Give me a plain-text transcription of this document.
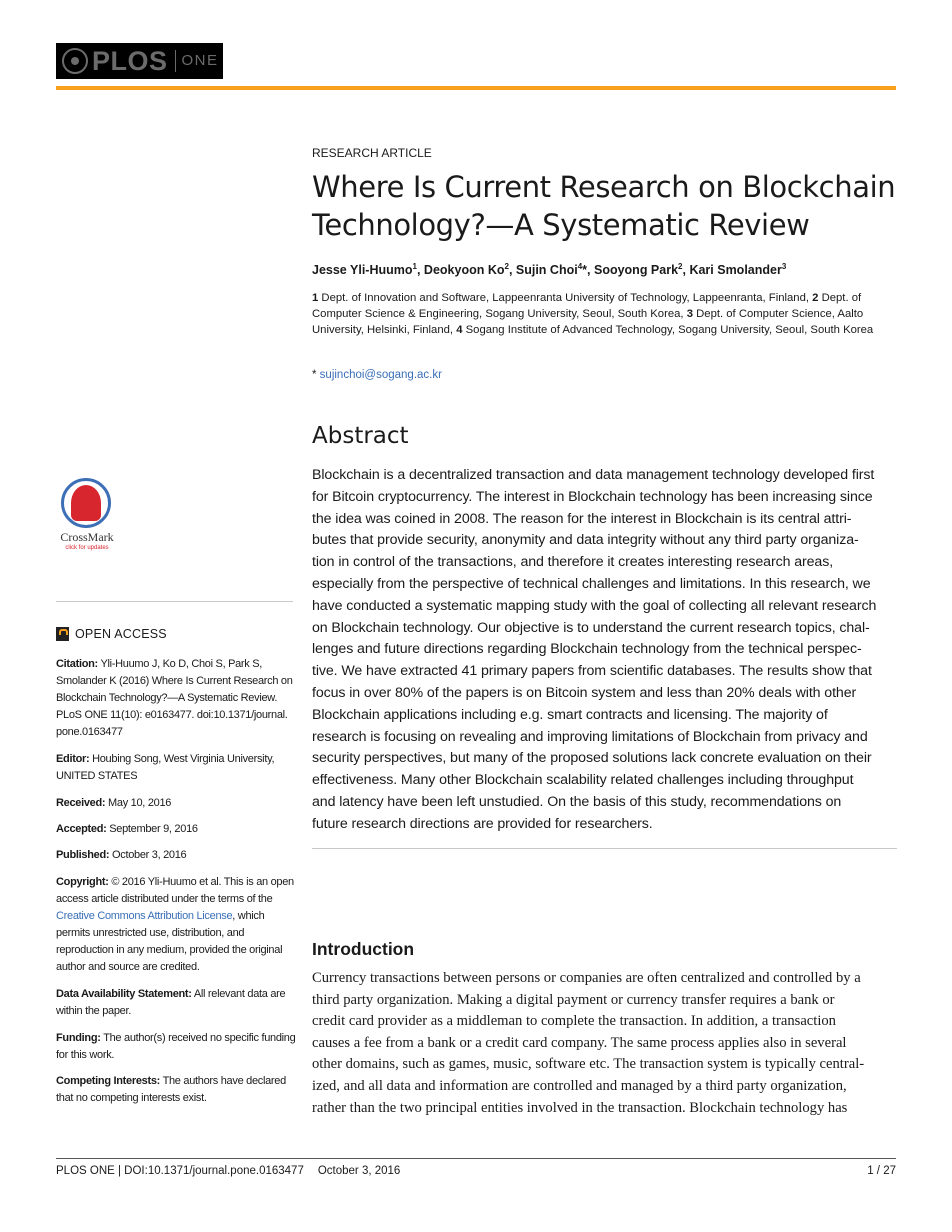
PLOS ONE
RESEARCH ARTICLE
Where Is Current Research on Blockchain
Technology?—A Systematic Review
Jesse Yli-Huumo$^1$, Deokyoon Ko$^2$, Sujin Choi$^4$*, Sooyong Park$^2$, Kari Smolander$^3$
1 Dept. of Innovation and Software, Lappeenranta University of Technology, Lappeenranta, Finland, 2 Dept. of Computer Science & Engineering, Sogang University, Seoul, South Korea, 3 Dept. of Computer Science, Aalto University, Helsinki, Finland, 4 Sogang Institute of Advanced Technology, Sogang University, Seoul, South Korea
* sujinchoi@sogang.ac.kr
Abstract
Blockchain is a decentralized transaction and data management technology developed first
for Bitcoin cryptocurrency. The interest in Blockchain technology has been increasing since
the idea was coined in 2008. The reason for the interest in Blockchain is its central attri-
butes that provide security, anonymity and data integrity without any third party organiza-
tion in control of the transactions, and therefore it creates interesting research areas,
especially from the perspective of technical challenges and limitations. In this research, we
have conducted a systematic mapping study with the goal of collecting all relevant research
on Blockchain technology. Our objective is to understand the current research topics, chal-
lenges and future directions regarding Blockchain technology from the technical perspec-
tive. We have extracted 41 primary papers from scientific databases. The results show that
focus in over 80% of the papers is on Bitcoin system and less than 20% deals with other
Blockchain applications including e.g. smart contracts and licensing. The majority of
research is focusing on revealing and improving limitations of Blockchain from privacy and
security perspectives, but many of the proposed solutions lack concrete evaluation on their
effectiveness. Many other Blockchain scalability related challenges including throughput
and latency have been left unstudied. On the basis of this study, recommendations on
future research directions are provided for researchers.
Introduction
Currency transactions between persons or companies are often centralized and controlled by a
third party organization. Making a digital payment or currency transfer requires a bank or
credit card provider as a middleman to complete the transaction. In addition, a transaction
causes a fee from a bank or a credit card company. The same process applies also in several
other domains, such as games, music, software etc. The transaction system is typically central-
ized, and all data and information are controlled and managed by a third party organization,
rather than the two principal entities involved in the transaction. Blockchain technology has
CrossMark
click for updates
OPEN ACCESS
Citation: Yli-Huumo J, Ko D, Choi S, Park S, Smolander K (2016) Where Is Current Research on Blockchain Technology?—A Systematic Review. PLoS ONE 11(10): e0163477. doi:10.1371/journal. pone.0163477
Editor: Houbing Song, West Virginia University, UNITED STATES
Received: May 10, 2016
Accepted: September 9, 2016
Published: October 3, 2016
Copyright: © 2016 Yli-Huumo et al. This is an open access article distributed under the terms of the Creative Commons Attribution License, which permits unrestricted use, distribution, and reproduction in any medium, provided the original author and source are credited.
Data Availability Statement: All relevant data are within the paper.
Funding: The author(s) received no specific funding for this work.
Competing Interests: The authors have declared that no competing interests exist.
PLOS ONE | DOI:10.1371/journal.pone.0163477 October 3, 2016	1 / 27
